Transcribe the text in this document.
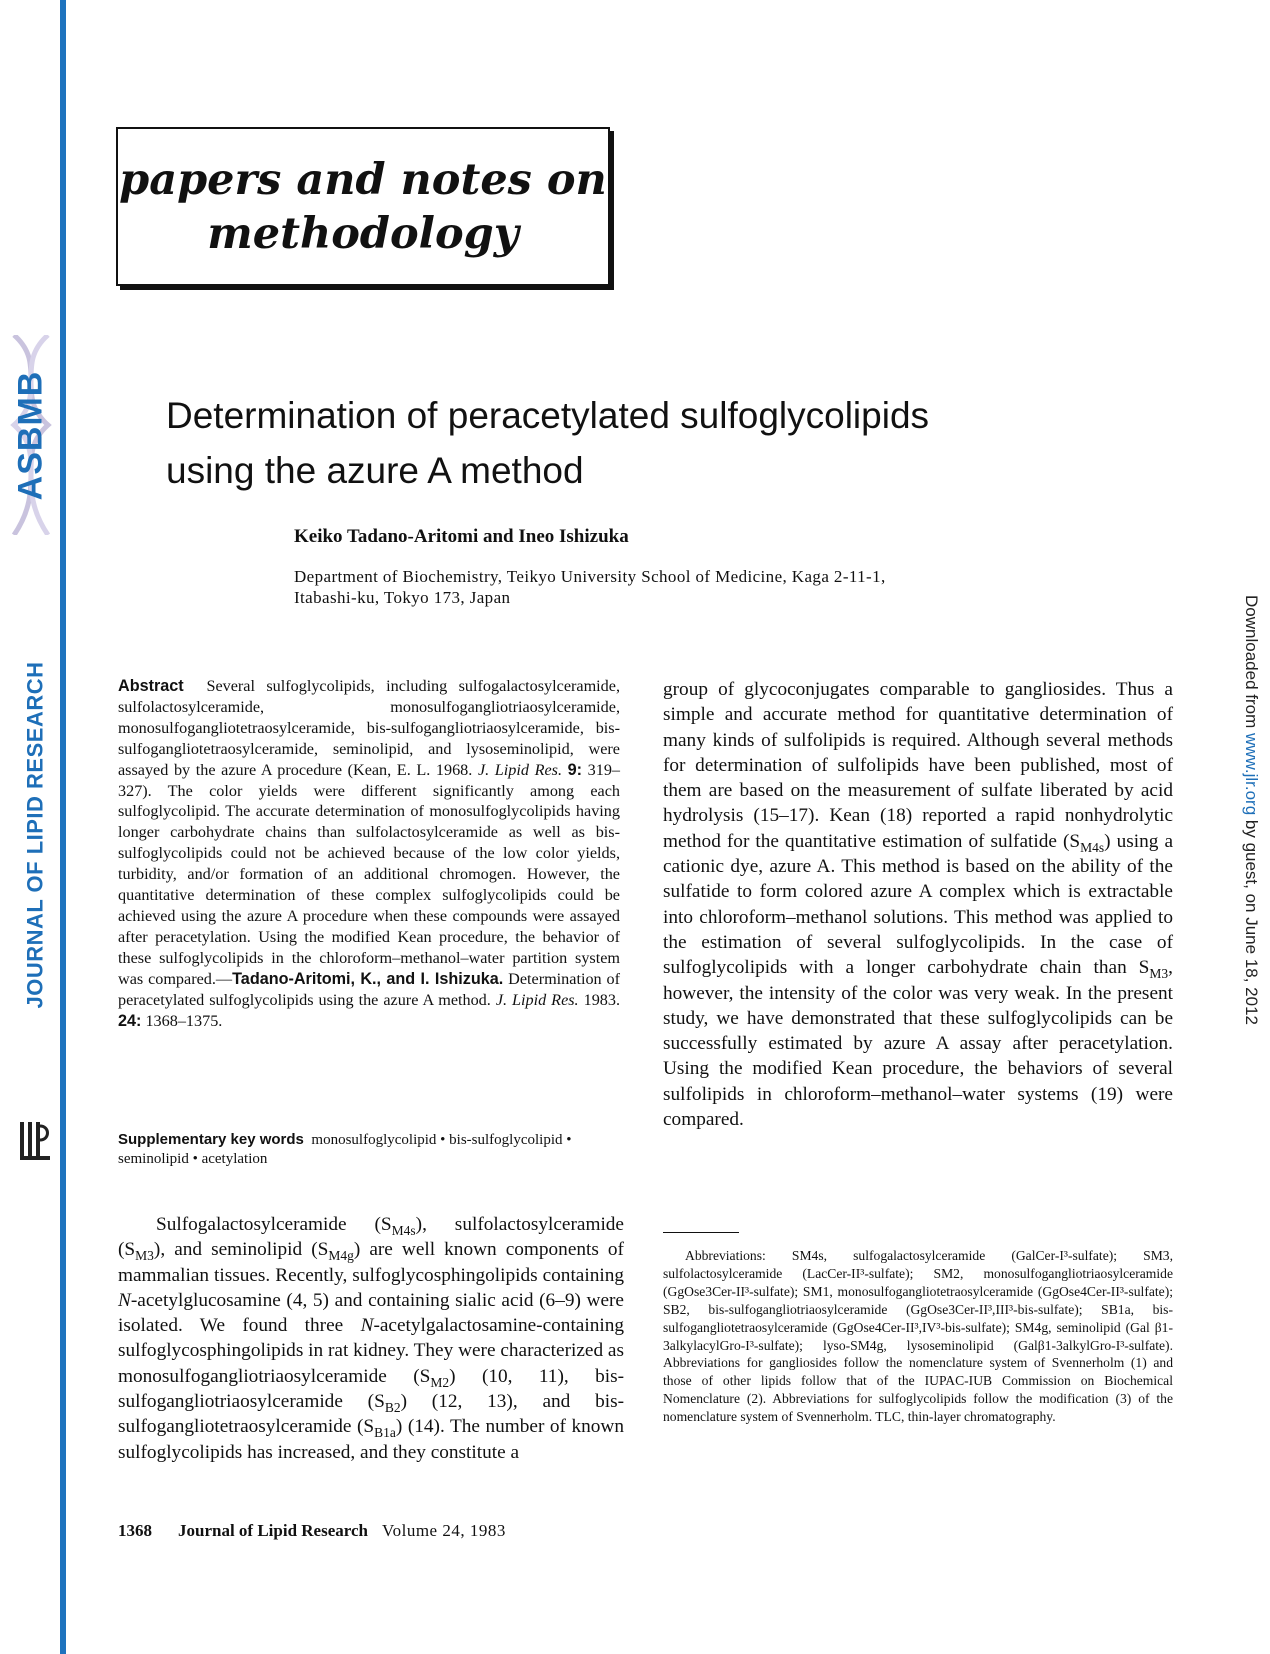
ASBMB
JOURNAL OF LIPID RESEARCH	Downloaded from www.jlr.org by guest, on June 18, 2012
papers and notes on
methodology
Determination of peracetylated sulfoglycolipids
using the azure A method
Keiko Tadano-Aritomi and Ineo Ishizuka
Department of Biochemistry, Teikyo University School of Medicine, Kaga 2-11-1,
Itabashi-ku, Tokyo 173, Japan

Abstract Several sulfoglycolipids, including sulfogalactosylceramide, sulfolactosylceramide, monosulfogangliotriaosylceramide, monosulfogangliotetraosylceramide, bis-sulfogangliotriaosylceramide, bis-sulfogangliotetraosylceramide, seminolipid, and lysoseminolipid, were assayed by the azure A procedure (Kean, E. L. 1968. J. Lipid Res. 9: 319–327). The color yields were different significantly among each sulfoglycolipid. The accurate determination of monosulfoglycolipids having longer carbohydrate chains than sulfolactosylceramide as well as bis-sulfoglycolipids could not be achieved because of the low color yields, turbidity, and/or formation of an additional chromogen. However, the quantitative determination of these complex sulfoglycolipids could be achieved using the azure A procedure when these compounds were assayed after peracetylation. Using the modified Kean procedure, the behavior of these sulfoglycolipids in the chloroform–methanol–water partition system was compared.—Tadano-Aritomi, K., and I. Ishizuka. Determination of peracetylated sulfoglycolipids using the azure A method. J. Lipid Res. 1983. 24: 1368–1375.

Supplementary key words monosulfoglycolipid • bis-sulfoglycolipid • seminolipid • acetylation

Sulfogalactosylceramide $(S_{M4s})$, sulfolactosylceramide $(S_{M3})$, and seminolipid $(S_{M4g})$ are well known components of mammalian tissues. Recently, sulfoglycosphingolipids containing N-acetylglucosamine (4, 5) and containing sialic acid (6–9) were isolated. We found three N-acetylgalactosamine-containing sulfoglycosphingolipids in rat kidney. They were characterized as monosulfogangliotriaosylceramide $(S_{M2})$ (10, 11), bis-sulfogangliotriaosylceramide $(S_{B2})$ (12, 13), and bis-sulfogangliotetraosylceramide $(S_{B1a})$ (14). The number of known sulfoglycolipids has increased, and they constitute a

group of glycoconjugates comparable to gangliosides. Thus a simple and accurate method for quantitative determination of many kinds of sulfolipids is required. Although several methods for determination of sulfolipids have been published, most of them are based on the measurement of sulfate liberated by acid hydrolysis (15–17). Kean (18) reported a rapid nonhydrolytic method for the quantitative estimation of sulfatide $(S_{M4s})$ using a cationic dye, azure A. This method is based on the ability of the sulfatide to form colored azure A complex which is extractable into chloroform–methanol solutions. This method was applied to the estimation of several sulfoglycolipids. In the case of sulfoglycolipids with a longer carbohydrate chain than $S_{M3}$, however, the intensity of the color was very weak. In the present study, we have demonstrated that these sulfoglycolipids can be successfully estimated by azure A assay after peracetylation. Using the modified Kean procedure, the behaviors of several sulfolipids in chloroform–methanol–water systems (19) were compared.

Abbreviations: SM4s, sulfogalactosylceramide (GalCer-I³-sulfate); SM3, sulfolactosylceramide (LacCer-II³-sulfate); SM2, monosulfogangliotriaosylceramide (GgOse3Cer-II³-sulfate); SM1, monosulfogangliotetraosylceramide (GgOse4Cer-II³-sulfate); SB2, bis-sulfogangliotriaosylceramide (GgOse3Cer-II³,III³-bis-sulfate); SB1a, bis-sulfogangliotetraosylceramide (GgOse4Cer-II³,IV³-bis-sulfate); SM4g, seminolipid (Gal β1-3alkylacylGro-I³-sulfate); lyso-SM4g, lysoseminolipid (Galβ1-3alkylGro-I³-sulfate). Abbreviations for gangliosides follow the nomenclature system of Svennerholm (1) and those of other lipids follow that of the IUPAC-IUB Commission on Biochemical Nomenclature (2). Abbreviations for sulfoglycolipids follow the modification (3) of the nomenclature system of Svennerholm. TLC, thin-layer chromatography.

1368 Journal of Lipid Research Volume 24, 1983
